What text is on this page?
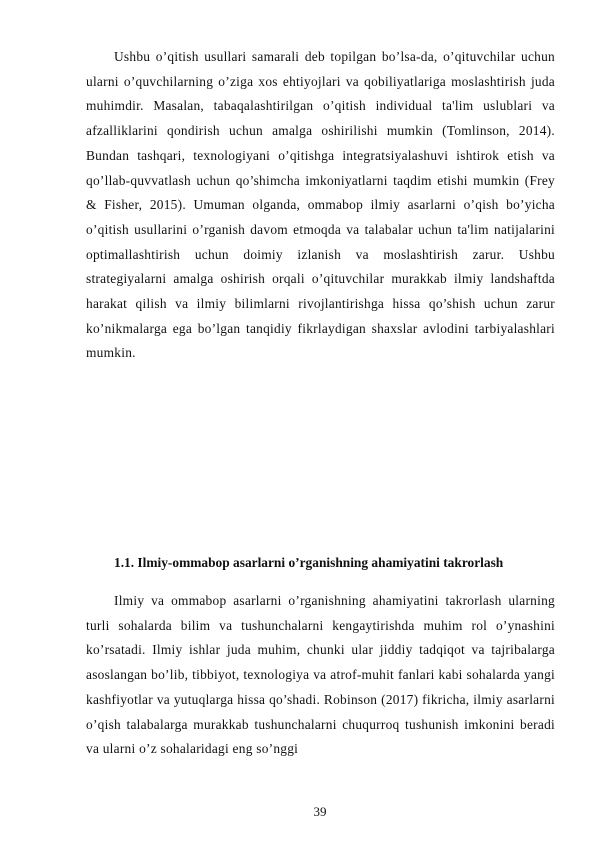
Ushbu o’qitish usullari samarali deb topilgan bo’lsa-da, o’qituvchilar uchun ularni o’quvchilarning o’ziga xos ehtiyojlari va qobiliyatlariga moslashtirish juda muhimdir. Masalan, tabaqalashtirilgan o’qitish individual ta'lim uslublari va afzalliklarini qondirish uchun amalga oshirilishi mumkin (Tomlinson, 2014). Bundan tashqari, texnologiyani o’qitishga integratsiyalashuvi ishtirok etish va qo’llab-quvvatlash uchun qo’shimcha imkoniyatlarni taqdim etishi mumkin (Frey & Fisher, 2015). Umuman olganda, ommabop ilmiy asarlarni o’qish bo’yicha o’qitish usullarini o’rganish davom etmoqda va talabalar uchun ta'lim natijalarini optimallashtirish uchun doimiy izlanish va moslashtirish zarur. Ushbu strategiyalarni amalga oshirish orqali o’qituvchilar murakkab ilmiy landshaftda harakat qilish va ilmiy bilimlarni rivojlantirishga hissa qo’shish uchun zarur ko’nikmalarga ega bo’lgan tanqidiy fikrlaydigan shaxslar avlodini tarbiyalashlari mumkin.

1.1. Ilmiy-ommabop asarlarni o’rganishning ahamiyatini takrorlash

Ilmiy va ommabop asarlarni o’rganishning ahamiyatini takrorlash ularning turli sohalarda bilim va tushunchalarni kengaytirishda muhim rol o’ynashini ko’rsatadi. Ilmiy ishlar juda muhim, chunki ular jiddiy tadqiqot va tajribalarga asoslangan bo’lib, tibbiyot, texnologiya va atrof-muhit fanlari kabi sohalarda yangi kashfiyotlar va yutuqlarga hissa qo’shadi. Robinson (2017) fikricha, ilmiy asarlarni o’qish talabalarga murakkab tushunchalarni chuqurroq tushunish imkonini beradi va ularni o’z sohalaridagi eng so’nggi

39
